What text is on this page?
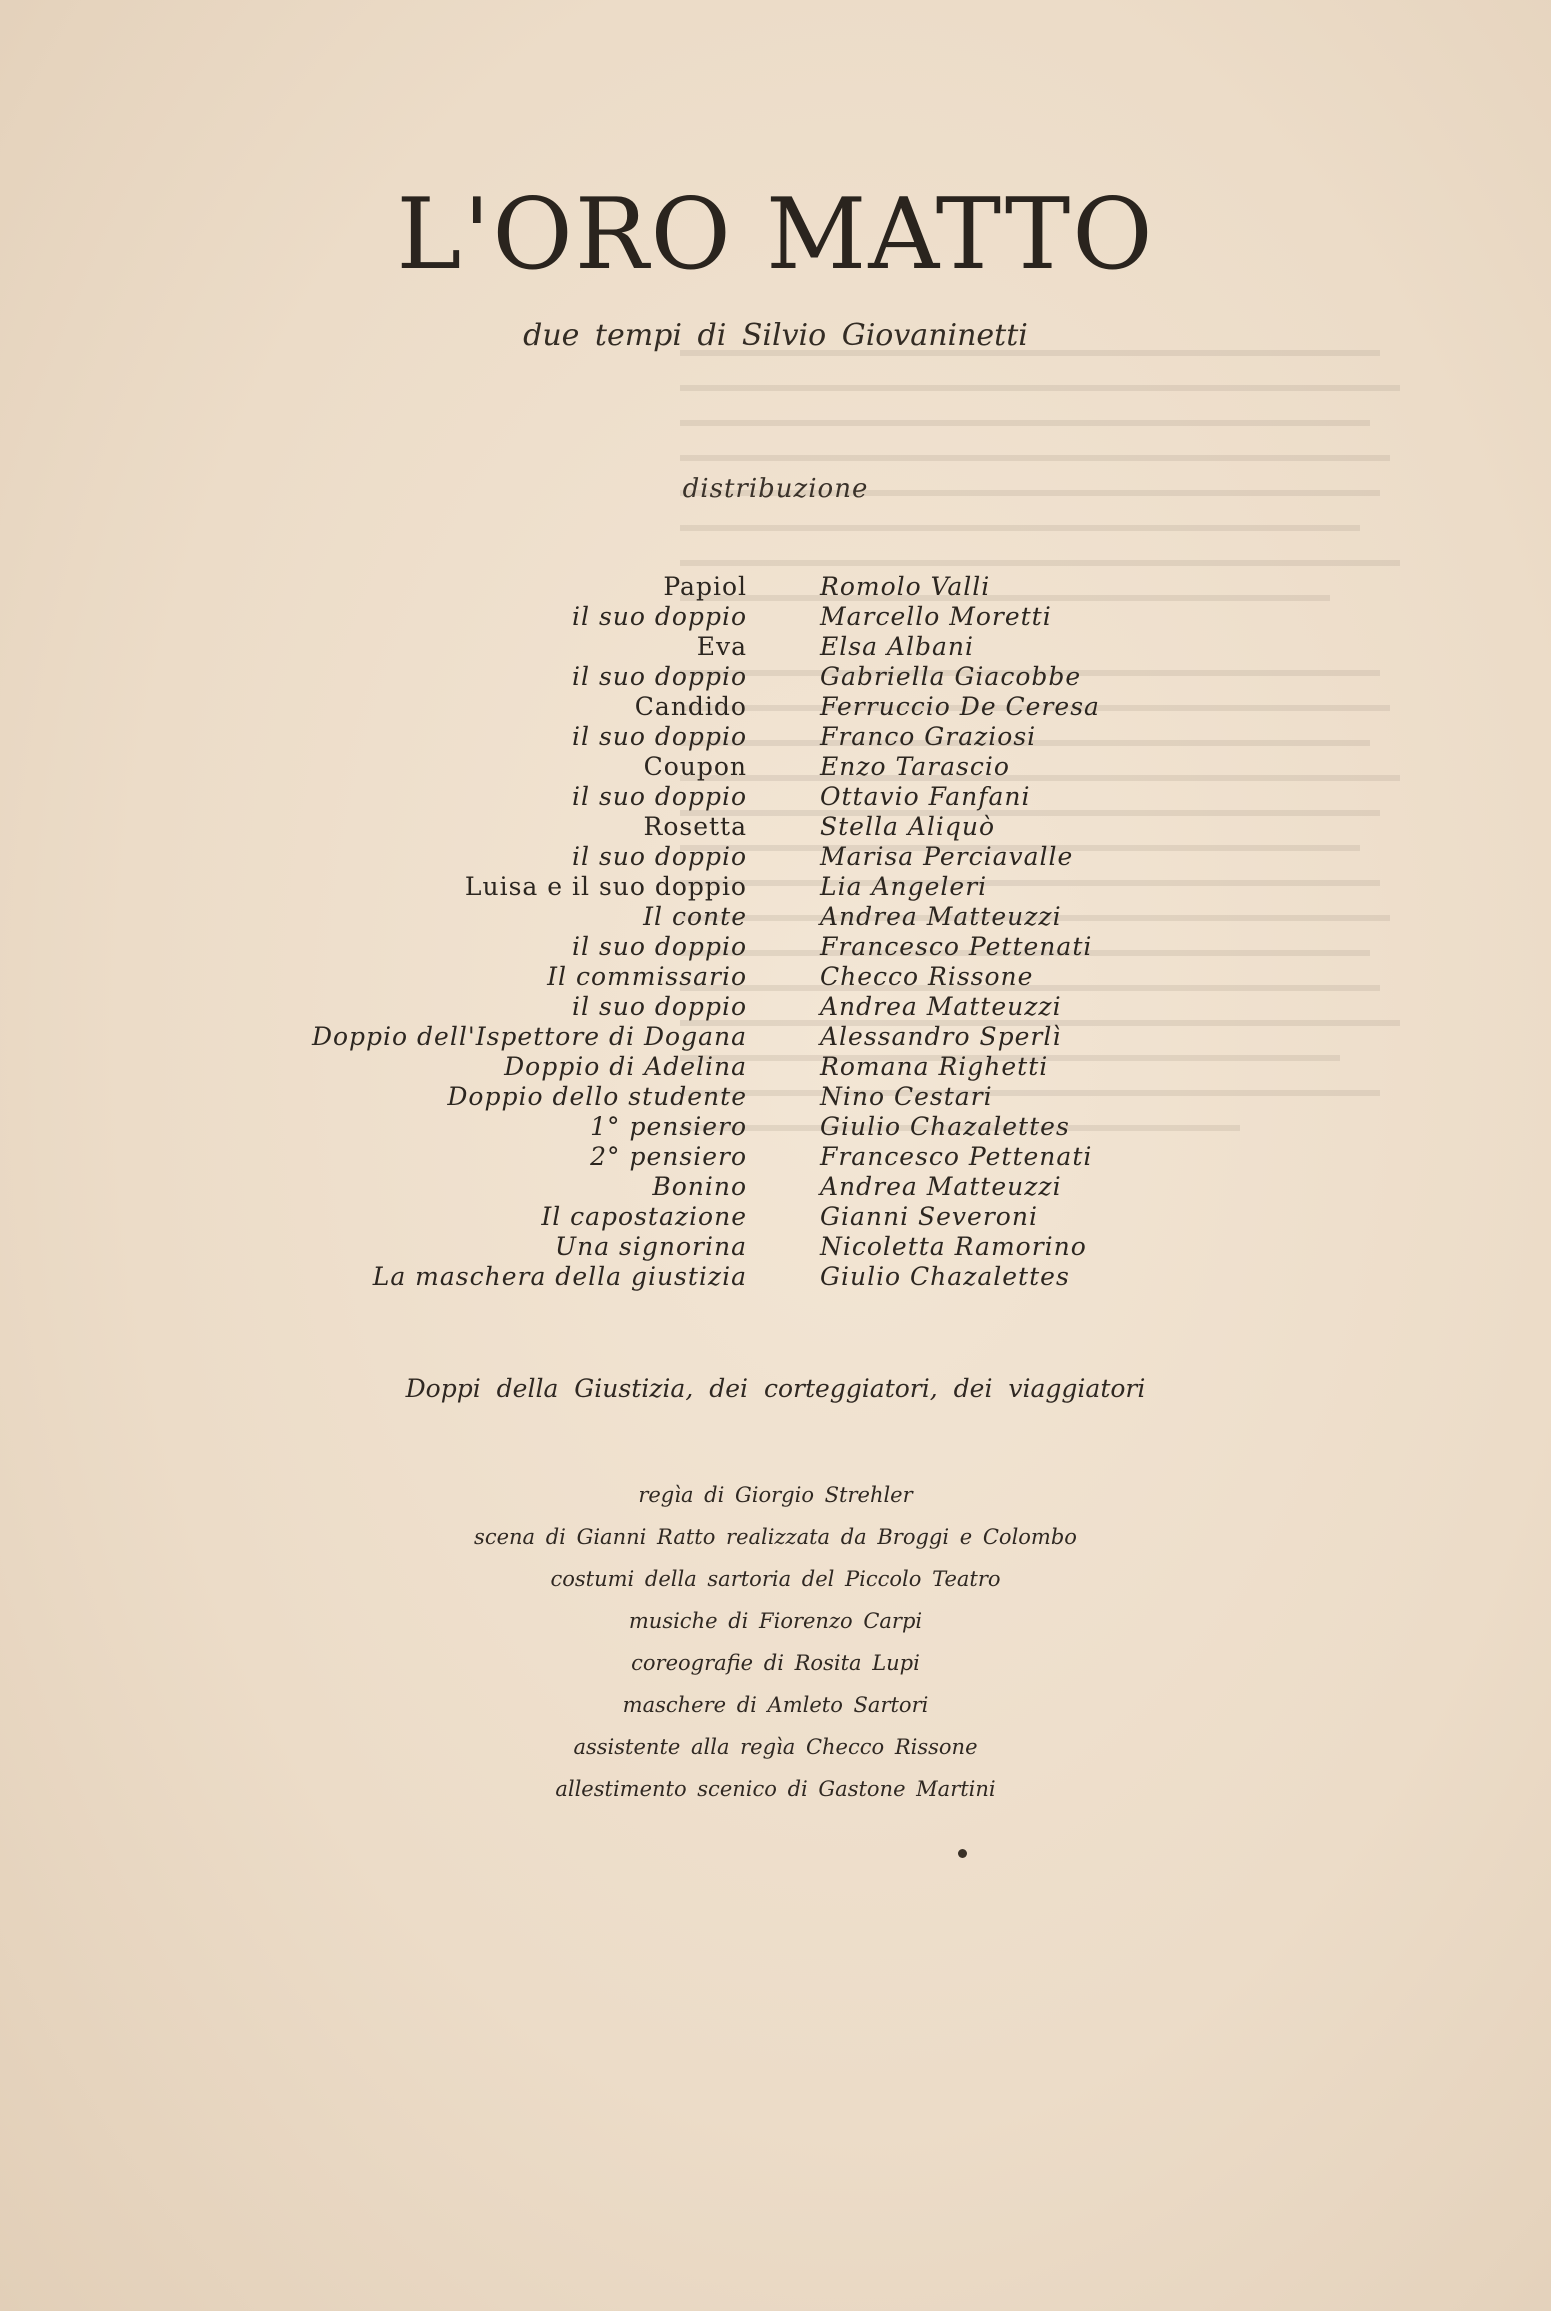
L'ORO MATTO
due tempi di Silvio Giovaninetti
distribuzione
Papiol	Romolo Valli
il suo doppio	Marcello Moretti
Eva	Elsa Albani
il suo doppio	Gabriella Giacobbe
Candido	Ferruccio De Ceresa
il suo doppio	Franco Graziosi
Coupon	Enzo Tarascio
il suo doppio	Ottavio Fanfani
Rosetta	Stella Aliquò
il suo doppio	Marisa Perciavalle
Luisa e il suo doppio	Lia Angeleri
Il conte	Andrea Matteuzzi
il suo doppio	Francesco Pettenati
Il commissario	Checco Rissone
il suo doppio	Andrea Matteuzzi
Doppio dell'Ispettore di Dogana	Alessandro Sperlì
Doppio di Adelina	Romana Righetti
Doppio dello studente	Nino Cestari
1° pensiero	Giulio Chazalettes
2° pensiero	Francesco Pettenati
Bonino	Andrea Matteuzzi
Il capostazione	Gianni Severoni
Una signorina	Nicoletta Ramorino
La maschera della giustizia	Giulio Chazalettes
Doppi della Giustizia, dei corteggiatori, dei viaggiatori
regìa di Giorgio Strehler
scena di Gianni Ratto realizzata da Broggi e Colombo
costumi della sartoria del Piccolo Teatro
musiche di Fiorenzo Carpi
coreografie di Rosita Lupi
maschere di Amleto Sartori
assistente alla regìa Checco Rissone
allestimento scenico di Gastone Martini
